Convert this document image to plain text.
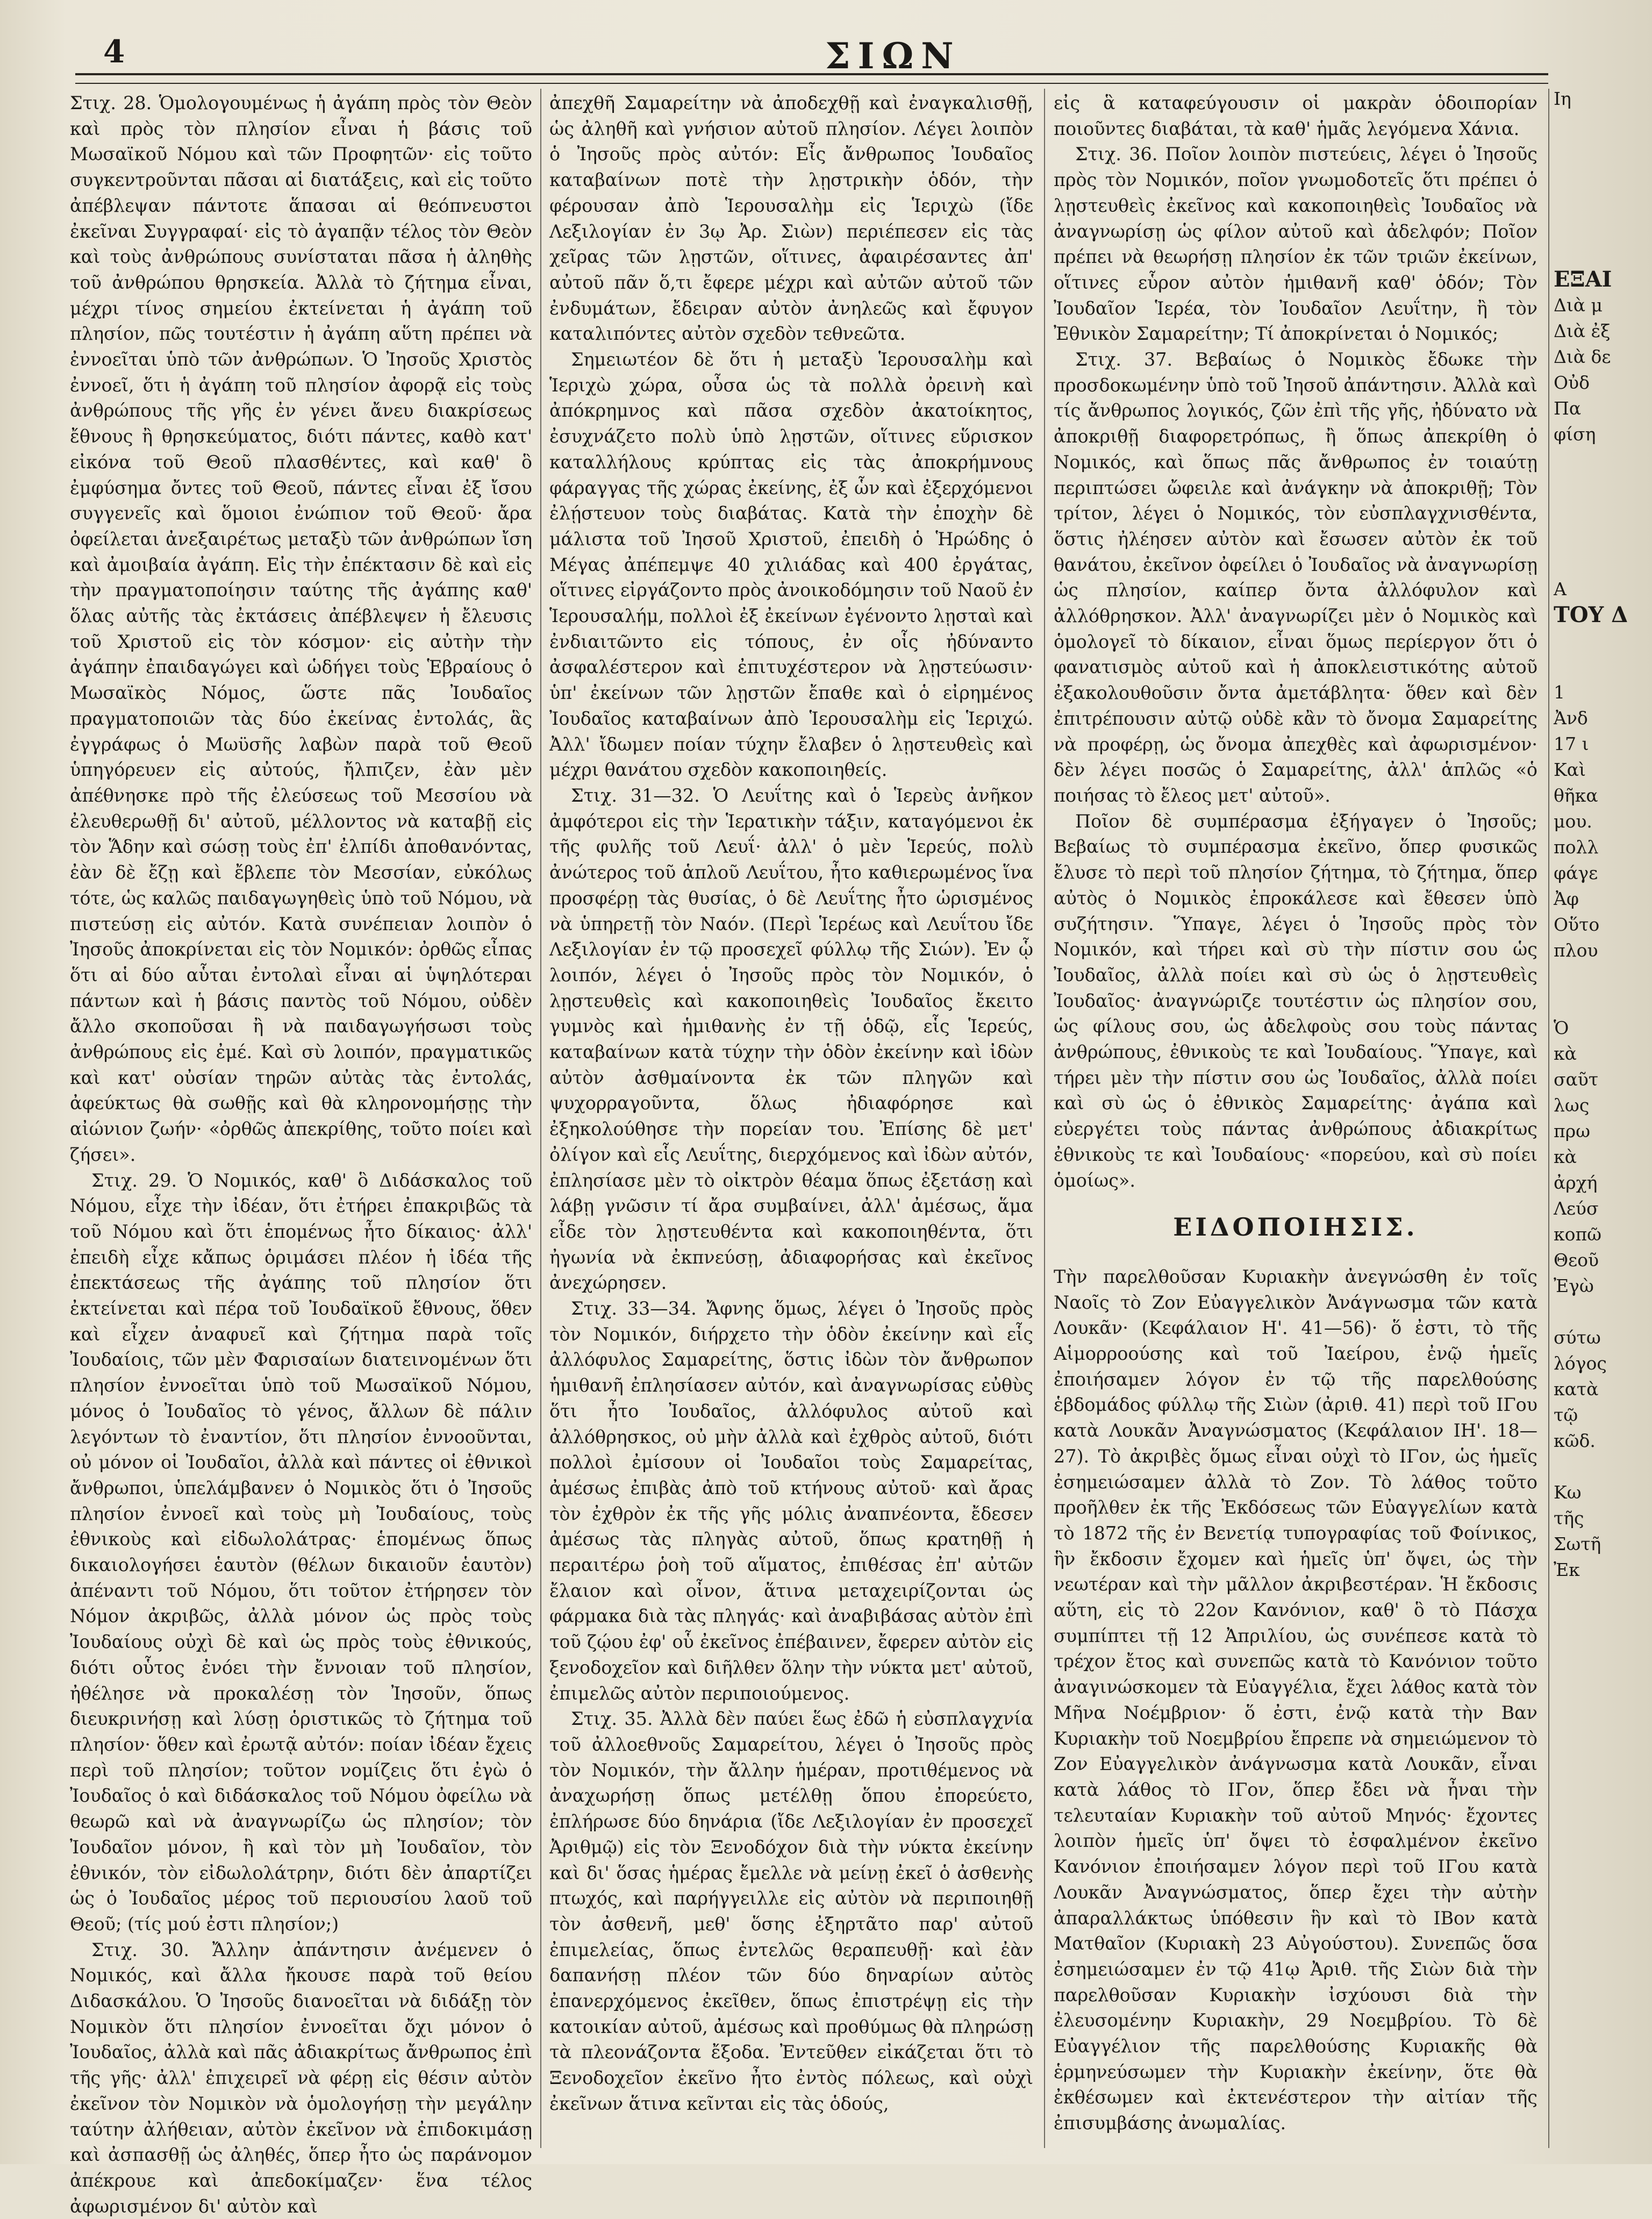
4	ΣΙΩΝ

Στιχ. 28. Ὁμολογουμένως ἡ ἀγάπη πρὸς τὸν Θεὸν καὶ πρὸς τὸν πλησίον εἶναι ἡ βάσις τοῦ Μωσαϊκοῦ Νόμου καὶ τῶν Προφητῶν· εἰς τοῦτο συγκεντροῦνται πᾶσαι αἱ διατάξεις, καὶ εἰς τοῦτο ἀπέβλεψαν πάντοτε ἅπασαι αἱ θεόπνευστοι ἐκεῖναι Συγγραφαί· εἰς τὸ ἀγαπᾷν τέλος τὸν Θεὸν καὶ τοὺς ἀνθρώπους συνίσταται πᾶσα ἡ ἀληθὴς τοῦ ἀνθρώπου θρησκεία. Ἀλλὰ τὸ ζήτημα εἶναι, μέχρι τίνος σημείου ἐκτείνεται ἡ ἀγάπη τοῦ πλησίον, πῶς τουτέστιν ἡ ἀγάπη αὕτη πρέπει νὰ ἐννοεῖται ὑπὸ τῶν ἀνθρώπων. Ὁ Ἰησοῦς Χριστὸς ἐννοεῖ, ὅτι ἡ ἀγάπη τοῦ πλησίον ἀφορᾷ εἰς τοὺς ἀνθρώπους τῆς γῆς ἐν γένει ἄνευ διακρίσεως ἔθνους ἢ θρησκεύματος, διότι πάντες, καθὸ κατ' εἰκόνα τοῦ Θεοῦ πλασθέντες, καὶ καθ' ὃ ἐμφύσημα ὄντες τοῦ Θεοῦ, πάντες εἶναι ἐξ ἴσου συγγενεῖς καὶ ὅμοιοι ἐνώπιον τοῦ Θεοῦ· ἄρα ὀφείλεται ἀνεξαιρέτως μεταξὺ τῶν ἀνθρώπων ἴση καὶ ἀμοιβαία ἀγάπη. Εἰς τὴν ἐπέκτασιν δὲ καὶ εἰς τὴν πραγματοποίησιν ταύτης τῆς ἀγάπης καθ' ὅλας αὐτῆς τὰς ἐκτάσεις ἀπέβλεψεν ἡ ἔλευσις τοῦ Χριστοῦ εἰς τὸν κόσμον· εἰς αὐτὴν τὴν ἀγάπην ἐπαιδαγώγει καὶ ὡδήγει τοὺς Ἑβραίους ὁ Μωσαϊκὸς Νόμος, ὥστε πᾶς Ἰουδαῖος πραγματοποιῶν τὰς δύο ἐκείνας ἐντολάς, ἃς ἐγγράφως ὁ Μωϋσῆς λαβὼν παρὰ τοῦ Θεοῦ ὑπηγόρευεν εἰς αὐτούς, ἤλπιζεν, ἐὰν μὲν ἀπέθνησκε πρὸ τῆς ἐλεύσεως τοῦ Μεσσίου νὰ ἐλευθερωθῇ δι' αὐτοῦ, μέλλοντος νὰ καταβῇ εἰς τὸν Ἅδην καὶ σώσῃ τοὺς ἐπ' ἐλπίδι ἀποθανόντας, ἐὰν δὲ ἔζῃ καὶ ἔβλεπε τὸν Μεσσίαν, εὐκόλως τότε, ὡς καλῶς παιδαγωγηθεὶς ὑπὸ τοῦ Νόμου, νὰ πιστεύσῃ εἰς αὐτόν. Κατὰ συνέπειαν λοιπὸν ὁ Ἰησοῦς ἀποκρίνεται εἰς τὸν Νομικόν: ὀρθῶς εἶπας ὅτι αἱ δύο αὗται ἐντολαὶ εἶναι αἱ ὑψηλότεραι πάντων καὶ ἡ βάσις παντὸς τοῦ Νόμου, οὐδὲν ἄλλο σκοποῦσαι ἢ νὰ παιδαγωγήσωσι τοὺς ἀνθρώπους εἰς ἐμέ. Καὶ σὺ λοιπόν, πραγματικῶς καὶ κατ' οὐσίαν τηρῶν αὐτὰς τὰς ἐντολάς, ἀφεύκτως θὰ σωθῇς καὶ θὰ κληρονομήσῃς τὴν αἰώνιον ζωήν· «ὀρθῶς ἀπεκρίθης, τοῦτο ποίει καὶ ζήσει».

Στιχ. 29. Ὁ Νομικός, καθ' ὃ Διδάσκαλος τοῦ Νόμου, εἶχε τὴν ἰδέαν, ὅτι ἐτήρει ἐπακριβῶς τὰ τοῦ Νόμου καὶ ὅτι ἑπομένως ἦτο δίκαιος· ἀλλ' ἐπειδὴ εἶχε κἄπως ὁριμάσει πλέον ἡ ἰδέα τῆς ἐπεκτάσεως τῆς ἀγάπης τοῦ πλησίον ὅτι ἐκτείνεται καὶ πέρα τοῦ Ἰουδαϊκοῦ ἔθνους, ὅθεν καὶ εἶχεν ἀναφυεῖ καὶ ζήτημα παρὰ τοῖς Ἰουδαίοις, τῶν μὲν Φαρισαίων διατεινομένων ὅτι πλησίον ἐννοεῖται ὑπὸ τοῦ Μωσαϊκοῦ Νόμου, μόνος ὁ Ἰουδαῖος τὸ γένος, ἄλλων δὲ πάλιν λεγόντων τὸ ἐναντίον, ὅτι πλησίον ἐννοοῦνται, οὐ μόνον οἱ Ἰουδαῖοι, ἀλλὰ καὶ πάντες οἱ ἐθνικοὶ ἄνθρωποι, ὑπελάμβανεν ὁ Νομικὸς ὅτι ὁ Ἰησοῦς πλησίον ἐννοεῖ καὶ τοὺς μὴ Ἰουδαίους, τοὺς ἐθνικοὺς καὶ εἰδωλολάτρας· ἑπομένως ὅπως δικαιολογήσει ἑαυτὸν (θέλων δικαιοῦν ἑαυτὸν) ἀπέναντι τοῦ Νόμου, ὅτι τοῦτον ἐτήρησεν τὸν Νόμον ἀκριβῶς, ἀλλὰ μόνον ὡς πρὸς τοὺς Ἰουδαίους οὐχὶ δὲ καὶ ὡς πρὸς τοὺς ἐθνικούς, διότι οὗτος ἐνόει τὴν ἔννοιαν τοῦ πλησίον, ἠθέλησε νὰ προκαλέσῃ τὸν Ἰησοῦν, ὅπως διευκρινήσῃ καὶ λύσῃ ὁριστικῶς τὸ ζήτημα τοῦ πλησίον· ὅθεν καὶ ἐρωτᾷ αὐτόν: ποίαν ἰδέαν ἔχεις περὶ τοῦ πλησίον; τοῦτον νομίζεις ὅτι ἐγὼ ὁ Ἰουδαῖος ὁ καὶ διδάσκαλος τοῦ Νόμου ὀφείλω νὰ θεωρῶ καὶ νὰ ἀναγνωρίζω ὡς πλησίον; τὸν Ἰουδαῖον μόνον, ἢ καὶ τὸν μὴ Ἰουδαῖον, τὸν ἐθνικόν, τὸν εἰδωλολάτρην, διότι δὲν ἀπαρτίζει ὡς ὁ Ἰουδαῖος μέρος τοῦ περιουσίου λαοῦ τοῦ Θεοῦ; (τίς μού ἐστι πλησίον;)

Στιχ. 30. Ἄλλην ἀπάντησιν ἀνέμενεν ὁ Νομικός, καὶ ἄλλα ἤκουσε παρὰ τοῦ θείου Διδασκάλου. Ὁ Ἰησοῦς διανοεῖται νὰ διδάξῃ τὸν Νομικὸν ὅτι πλησίον ἐννοεῖται ὄχι μόνον ὁ Ἰουδαῖος, ἀλλὰ καὶ πᾶς ἀδιακρίτως ἄνθρωπος ἐπὶ τῆς γῆς· ἀλλ' ἐπιχειρεῖ νὰ φέρῃ εἰς θέσιν αὐτὸν ἐκεῖνον τὸν Νομικὸν νὰ ὁμολογήσῃ τὴν μεγάλην ταύτην ἀλήθειαν, αὐτὸν ἐκεῖνον νὰ ἐπιδοκιμάσῃ καὶ ἀσπασθῇ ὡς ἀληθές, ὅπερ ἦτο ὡς παράνομον ἀπέκρουε καὶ ἀπεδοκίμαζεν· ἕνα τέλος ἀφωρισμένον δι' αὐτὸν καὶ

ἀπεχθῆ Σαμαρείτην νὰ ἀποδεχθῇ καὶ ἐναγκαλισθῇ, ὡς ἀληθῆ καὶ γνήσιον αὐτοῦ πλησίον. Λέγει λοιπὸν ὁ Ἰησοῦς πρὸς αὐτόν: Εἷς ἄνθρωπος Ἰουδαῖος καταβαίνων ποτὲ τὴν λῃστρικὴν ὁδόν, τὴν φέρουσαν ἀπὸ Ἱερουσαλὴμ εἰς Ἱεριχὼ (ἴδε Λεξιλογίαν ἐν 3ῳ Ἀρ. Σιὼν) περιέπεσεν εἰς τὰς χεῖρας τῶν λῃστῶν, οἵτινες, ἀφαιρέσαντες ἀπ' αὐτοῦ πᾶν ὅ,τι ἔφερε μέχρι καὶ αὐτῶν αὐτοῦ τῶν ἐνδυμάτων, ἔδειραν αὐτὸν ἀνηλεῶς καὶ ἔφυγον καταλιπόντες αὐτὸν σχεδὸν τεθνεῶτα.

Σημειωτέον δὲ ὅτι ἡ μεταξὺ Ἱερουσαλὴμ καὶ Ἱεριχὼ χώρα, οὖσα ὡς τὰ πολλὰ ὀρεινὴ καὶ ἀπόκρημνος καὶ πᾶσα σχεδὸν ἀκατοίκητος, ἐσυχνάζετο πολὺ ὑπὸ λῃστῶν, οἵτινες εὕρισκον καταλλήλους κρύπτας εἰς τὰς ἀποκρήμνους φάραγγας τῆς χώρας ἐκείνης, ἐξ ὧν καὶ ἐξερχόμενοι ἐλῄστευον τοὺς διαβάτας. Κατὰ τὴν ἐποχὴν δὲ μάλιστα τοῦ Ἰησοῦ Χριστοῦ, ἐπειδὴ ὁ Ἡρώδης ὁ Μέγας ἀπέπεμψε 40 χιλιάδας καὶ 400 ἐργάτας, οἵτινες εἰργάζοντο πρὸς ἀνοικοδόμησιν τοῦ Ναοῦ ἐν Ἱερουσαλήμ, πολλοὶ ἐξ ἐκείνων ἐγένοντο λῃσταὶ καὶ ἐνδιαιτῶντο εἰς τόπους, ἐν οἷς ἠδύναντο ἀσφαλέστερον καὶ ἐπιτυχέστερον νὰ λῃστεύωσιν· ὑπ' ἐκείνων τῶν λῃστῶν ἔπαθε καὶ ὁ εἰρημένος Ἰουδαῖος καταβαίνων ἀπὸ Ἱερουσαλὴμ εἰς Ἱεριχώ. Ἀλλ' ἴδωμεν ποίαν τύχην ἔλαβεν ὁ λῃστευθεὶς καὶ μέχρι θανάτου σχεδὸν κακοποιηθείς.

Στιχ. 31—32. Ὁ Λευΐτης καὶ ὁ Ἱερεὺς ἀνῆκον ἀμφότεροι εἰς τὴν Ἱερατικὴν τάξιν, καταγόμενοι ἐκ τῆς φυλῆς τοῦ Λευΐ· ἀλλ' ὁ μὲν Ἱερεύς, πολὺ ἀνώτερος τοῦ ἁπλοῦ Λευΐτου, ἦτο καθιερωμένος ἵνα προσφέρῃ τὰς θυσίας, ὁ δὲ Λευΐτης ἦτο ὡρισμένος νὰ ὑπηρετῇ τὸν Ναόν. (Περὶ Ἱερέως καὶ Λευΐτου ἴδε Λεξιλογίαν ἐν τῷ προσεχεῖ φύλλῳ τῆς Σιών). Ἐν ᾧ λοιπόν, λέγει ὁ Ἰησοῦς πρὸς τὸν Νομικόν, ὁ λῃστευθεὶς καὶ κακοποιηθεὶς Ἰουδαῖος ἔκειτο γυμνὸς καὶ ἡμιθανὴς ἐν τῇ ὁδῷ, εἷς Ἱερεύς, καταβαίνων κατὰ τύχην τὴν ὁδὸν ἐκείνην καὶ ἰδὼν αὐτὸν ἀσθμαίνοντα ἐκ τῶν πληγῶν καὶ ψυχορραγοῦντα, ὅλως ἠδιαφόρησε καὶ ἐξηκολούθησε τὴν πορείαν του. Ἐπίσης δὲ μετ' ὀλίγον καὶ εἷς Λευΐτης, διερχόμενος καὶ ἰδὼν αὐτόν, ἐπλησίασε μὲν τὸ οἰκτρὸν θέαμα ὅπως ἐξετάσῃ καὶ λάβῃ γνῶσιν τί ἄρα συμβαίνει, ἀλλ' ἀμέσως, ἅμα εἶδε τὸν λῃστευθέντα καὶ κακοποιηθέντα, ὅτι ἠγωνία νὰ ἐκπνεύσῃ, ἀδιαφορήσας καὶ ἐκεῖνος ἀνεχώρησεν.

Στιχ. 33—34. Ἄφνης ὅμως, λέγει ὁ Ἰησοῦς πρὸς τὸν Νομικόν, διήρχετο τὴν ὁδὸν ἐκείνην καὶ εἷς ἀλλόφυλος Σαμαρείτης, ὅστις ἰδὼν τὸν ἄνθρωπον ἡμιθανῆ ἐπλησίασεν αὐτόν, καὶ ἀναγνωρίσας εὐθὺς ὅτι ἦτο Ἰουδαῖος, ἀλλόφυλος αὐτοῦ καὶ ἀλλόθρησκος, οὐ μὴν ἀλλὰ καὶ ἐχθρὸς αὐτοῦ, διότι πολλοὶ ἐμίσουν οἱ Ἰουδαῖοι τοὺς Σαμαρείτας, ἀμέσως ἐπιβὰς ἀπὸ τοῦ κτήνους αὐτοῦ· καὶ ἄρας τὸν ἐχθρὸν ἐκ τῆς γῆς μόλις ἀναπνέοντα, ἔδεσεν ἀμέσως τὰς πληγὰς αὐτοῦ, ὅπως κρατηθῇ ἡ περαιτέρω ῥοὴ τοῦ αἵματος, ἐπιθέσας ἐπ' αὐτῶν ἔλαιον καὶ οἶνον, ἅτινα μεταχειρίζονται ὡς φάρμακα διὰ τὰς πληγάς· καὶ ἀναβιβάσας αὐτὸν ἐπὶ τοῦ ζῴου ἐφ' οὗ ἐκεῖνος ἐπέβαινεν, ἔφερεν αὐτὸν εἰς ξενοδοχεῖον καὶ διῆλθεν ὅλην τὴν νύκτα μετ' αὐτοῦ, ἐπιμελῶς αὐτὸν περιποιούμενος.

Στιχ. 35. Ἀλλὰ δὲν παύει ἕως ἐδῶ ἡ εὐσπλαγχνία τοῦ ἀλλοεθνοῦς Σαμαρείτου, λέγει ὁ Ἰησοῦς πρὸς τὸν Νομικόν, τὴν ἄλλην ἡμέραν, προτιθέμενος νὰ ἀναχωρήσῃ ὅπως μετέλθῃ ὅπου ἐπορεύετο, ἐπλήρωσε δύο δηνάρια (ἴδε Λεξιλογίαν ἐν προσεχεῖ Ἀριθμῷ) εἰς τὸν Ξενοδόχον διὰ τὴν νύκτα ἐκείνην καὶ δι' ὅσας ἡμέρας ἔμελλε νὰ μείνῃ ἐκεῖ ὁ ἀσθενὴς πτωχός, καὶ παρήγγειλλε εἰς αὐτὸν νὰ περιποιηθῇ τὸν ἀσθενῆ, μεθ' ὅσης ἐξηρτᾶτο παρ' αὐτοῦ ἐπιμελείας, ὅπως ἐντελῶς θεραπευθῇ· καὶ ἐὰν δαπανήσῃ πλέον τῶν δύο δηναρίων αὐτὸς ἐπανερχόμενος ἐκεῖθεν, ὅπως ἐπιστρέψῃ εἰς τὴν κατοικίαν αὐτοῦ, ἀμέσως καὶ προθύμως θὰ πληρώσῃ τὰ πλεονάζοντα ἔξοδα. Ἐντεῦθεν εἰκάζεται ὅτι τὸ Ξενοδοχεῖον ἐκεῖνο ἦτο ἐντὸς πόλεως, καὶ οὐχὶ ἐκεῖνων ἅτινα κεῖνται εἰς τὰς ὁδούς,

εἰς ἃ καταφεύγουσιν οἱ μακρὰν ὁδοιπορίαν ποιοῦντες διαβάται, τὰ καθ' ἡμᾶς λεγόμενα Χάνια.

Στιχ. 36. Ποῖον λοιπὸν πιστεύεις, λέγει ὁ Ἰησοῦς πρὸς τὸν Νομικόν, ποῖον γνωμοδοτεῖς ὅτι πρέπει ὁ λῃστευθεὶς ἐκεῖνος καὶ κακοποιηθεὶς Ἰουδαῖος νὰ ἀναγνωρίσῃ ὡς φίλον αὐτοῦ καὶ ἀδελφόν; Ποῖον πρέπει νὰ θεωρήσῃ πλησίον ἐκ τῶν τριῶν ἐκείνων, οἵτινες εὗρον αὐτὸν ἡμιθανῆ καθ' ὁδόν; Τὸν Ἰουδαῖον Ἱερέα, τὸν Ἰουδαῖον Λευΐτην, ἢ τὸν Ἐθνικὸν Σαμαρείτην; Τί ἀποκρίνεται ὁ Νομικός;

Στιχ. 37. Βεβαίως ὁ Νομικὸς ἔδωκε τὴν προσδοκωμένην ὑπὸ τοῦ Ἰησοῦ ἀπάντησιν. Ἀλλὰ καὶ τίς ἄνθρωπος λογικός, ζῶν ἐπὶ τῆς γῆς, ἠδύνατο νὰ ἀποκριθῇ διαφορετρόπως, ἢ ὅπως ἀπεκρίθη ὁ Νομικός, καὶ ὅπως πᾶς ἄνθρωπος ἐν τοιαύτῃ περιπτώσει ὤφειλε καὶ ἀνάγκην νὰ ἀποκριθῇ; Τὸν τρίτον, λέγει ὁ Νομικός, τὸν εὐσπλαγχνισθέντα, ὅστις ἠλέησεν αὐτὸν καὶ ἔσωσεν αὐτὸν ἐκ τοῦ θανάτου, ἐκεῖνον ὀφείλει ὁ Ἰουδαῖος νὰ ἀναγνωρίσῃ ὡς πλησίον, καίπερ ὄντα ἀλλόφυλον καὶ ἀλλόθρησκον. Ἀλλ' ἀναγνωρίζει μὲν ὁ Νομικὸς καὶ ὁμολογεῖ τὸ δίκαιον, εἶναι ὅμως περίεργον ὅτι ὁ φανατισμὸς αὐτοῦ καὶ ἡ ἀποκλειστικότης αὐτοῦ ἐξακολουθοῦσιν ὄντα ἀμετάβλητα· ὅθεν καὶ δὲν ἐπιτρέπουσιν αὐτῷ οὐδὲ κἂν τὸ ὄνομα Σαμαρείτης νὰ προφέρῃ, ὡς ὄνομα ἀπεχθὲς καὶ ἀφωρισμένον· δὲν λέγει ποσῶς ὁ Σαμαρείτης, ἀλλ' ἁπλῶς «ὁ ποιήσας τὸ ἔλεος μετ' αὐτοῦ».

Ποῖον δὲ συμπέρασμα ἐξήγαγεν ὁ Ἰησοῦς; Βεβαίως τὸ συμπέρασμα ἐκεῖνο, ὅπερ φυσικῶς ἔλυσε τὸ περὶ τοῦ πλησίον ζήτημα, τὸ ζήτημα, ὅπερ αὐτὸς ὁ Νομικὸς ἐπροκάλεσε καὶ ἔθεσεν ὑπὸ συζήτησιν. Ὕπαγε, λέγει ὁ Ἰησοῦς πρὸς τὸν Νομικόν, καὶ τήρει καὶ σὺ τὴν πίστιν σου ὡς Ἰουδαῖος, ἀλλὰ ποίει καὶ σὺ ὡς ὁ λῃστευθεὶς Ἰουδαῖος· ἀναγνώριζε τουτέστιν ὡς πλησίον σου, ὡς φίλους σου, ὡς ἀδελφοὺς σου τοὺς πάντας ἀνθρώπους, ἐθνικοὺς τε καὶ Ἰουδαίους. Ὕπαγε, καὶ τήρει μὲν τὴν πίστιν σου ὡς Ἰουδαῖος, ἀλλὰ ποίει καὶ σὺ ὡς ὁ ἐθνικὸς Σαμαρείτης· ἀγάπα καὶ εὐεργέτει τοὺς πάντας ἀνθρώπους ἀδιακρίτως ἐθνικοὺς τε καὶ Ἰουδαίους· «πορεύου, καὶ σὺ ποίει ὁμοίως».

ΕΙΔΟΠΟΙΗΣΙΣ.

Τὴν παρελθοῦσαν Κυριακὴν ἀνεγνώσθη ἐν τοῖς Ναοῖς τὸ Ζον Εὐαγγελικὸν Ἀνάγνωσμα τῶν κατὰ Λουκᾶν· (Κεφάλαιον Η'. 41—56)· ὅ ἐστι, τὸ τῆς Αἱμορροούσης καὶ τοῦ Ἰαείρου, ἐνῷ ἡμεῖς ἐποιήσαμεν λόγον ἐν τῷ τῆς παρελθούσης ἑβδομάδος φύλλῳ τῆς Σιὼν (ἀριθ. 41) περὶ τοῦ ΙΓου κατὰ Λουκᾶν Ἀναγνώσματος (Κεφάλαιον ΙΗ'. 18—27). Τὸ ἀκριβὲς ὅμως εἶναι οὐχὶ τὸ ΙΓον, ὡς ἡμεῖς ἐσημειώσαμεν ἀλλὰ τὸ Ζον. Τὸ λάθος τοῦτο προῆλθεν ἐκ τῆς Ἐκδόσεως τῶν Εὐαγγελίων κατὰ τὸ 1872 τῆς ἐν Βενετίᾳ τυπογραφίας τοῦ Φοίνικος, ἣν ἔκδοσιν ἔχομεν καὶ ἡμεῖς ὑπ' ὄψει, ὡς τὴν νεωτέραν καὶ τὴν μᾶλλον ἀκριβεστέραν. Ἡ ἔκδοσις αὕτη, εἰς τὸ 22ον Κανόνιον, καθ' ὃ τὸ Πάσχα συμπίπτει τῇ 12 Ἀπριλίου, ὡς συνέπεσε κατὰ τὸ τρέχον ἔτος καὶ συνεπῶς κατὰ τὸ Κανόνιον τοῦτο ἀναγινώσκομεν τὰ Εὐαγγέλια, ἔχει λάθος κατὰ τὸν Μῆνα Νοέμβριον· ὅ ἐστι, ἐνῷ κατὰ τὴν Βαν Κυριακὴν τοῦ Νοεμβρίου ἔπρεπε νὰ σημειώμενον τὸ Ζον Εὐαγγελικὸν ἀνάγνωσμα κατὰ Λουκᾶν, εἶναι κατὰ λάθος τὸ ΙΓον, ὅπερ ἔδει νὰ ἦναι τὴν τελευταίαν Κυριακὴν τοῦ αὐτοῦ Μηνός· ἔχοντες λοιπὸν ἡμεῖς ὑπ' ὄψει τὸ ἐσφαλμένον ἐκεῖνο Κανόνιον ἐποιήσαμεν λόγον περὶ τοῦ ΙΓου κατὰ Λουκᾶν Ἀναγνώσματος, ὅπερ ἔχει τὴν αὐτὴν ἀπαραλλάκτως ὑπόθεσιν ἣν καὶ τὸ ΙΒον κατὰ Ματθαῖον (Κυριακὴ 23 Αὐγούστου). Συνεπῶς ὅσα ἐσημειώσαμεν ἐν τῷ 41ῳ Ἀριθ. τῆς Σιὼν διὰ τὴν παρελθοῦσαν Κυριακὴν ἰσχύουσι διὰ τὴν ἐλευσομένην Κυριακὴν, 29 Νοεμβρίου. Τὸ δὲ Εὐαγγέλιον τῆς παρελθούσης Κυριακῆς θὰ ἑρμηνεύσωμεν τὴν Κυριακὴν ἐκείνην, ὅτε θὰ ἐκθέσωμεν καὶ ἐκτενέστερον τὴν αἰτίαν τῆς ἐπισυμβάσης ἀνωμαλίας.

Ιη

ΕΞΑΙ
Διὰ μ
Διὰ ἐξ
Διὰ δε
Οὐδ
Πα
φίση

Α
ΤΟΥ Δ

1
Ἀνδ
17 ι
Καὶ
θῆκα
μου.
πολλ
φάγε
Ἀφ
Οὕτο
πλου

Ὁ
κὰ
σαῦτ
λως
πρω
κὰ
ἀρχή
Λεύσ
κοπῶ
Θεοῦ
Ἐγὼ

σύτω
λόγος
κατὰ
τῷ
κῶδ.

Κω
τῆς
Σωτῆ
Ἐκ
